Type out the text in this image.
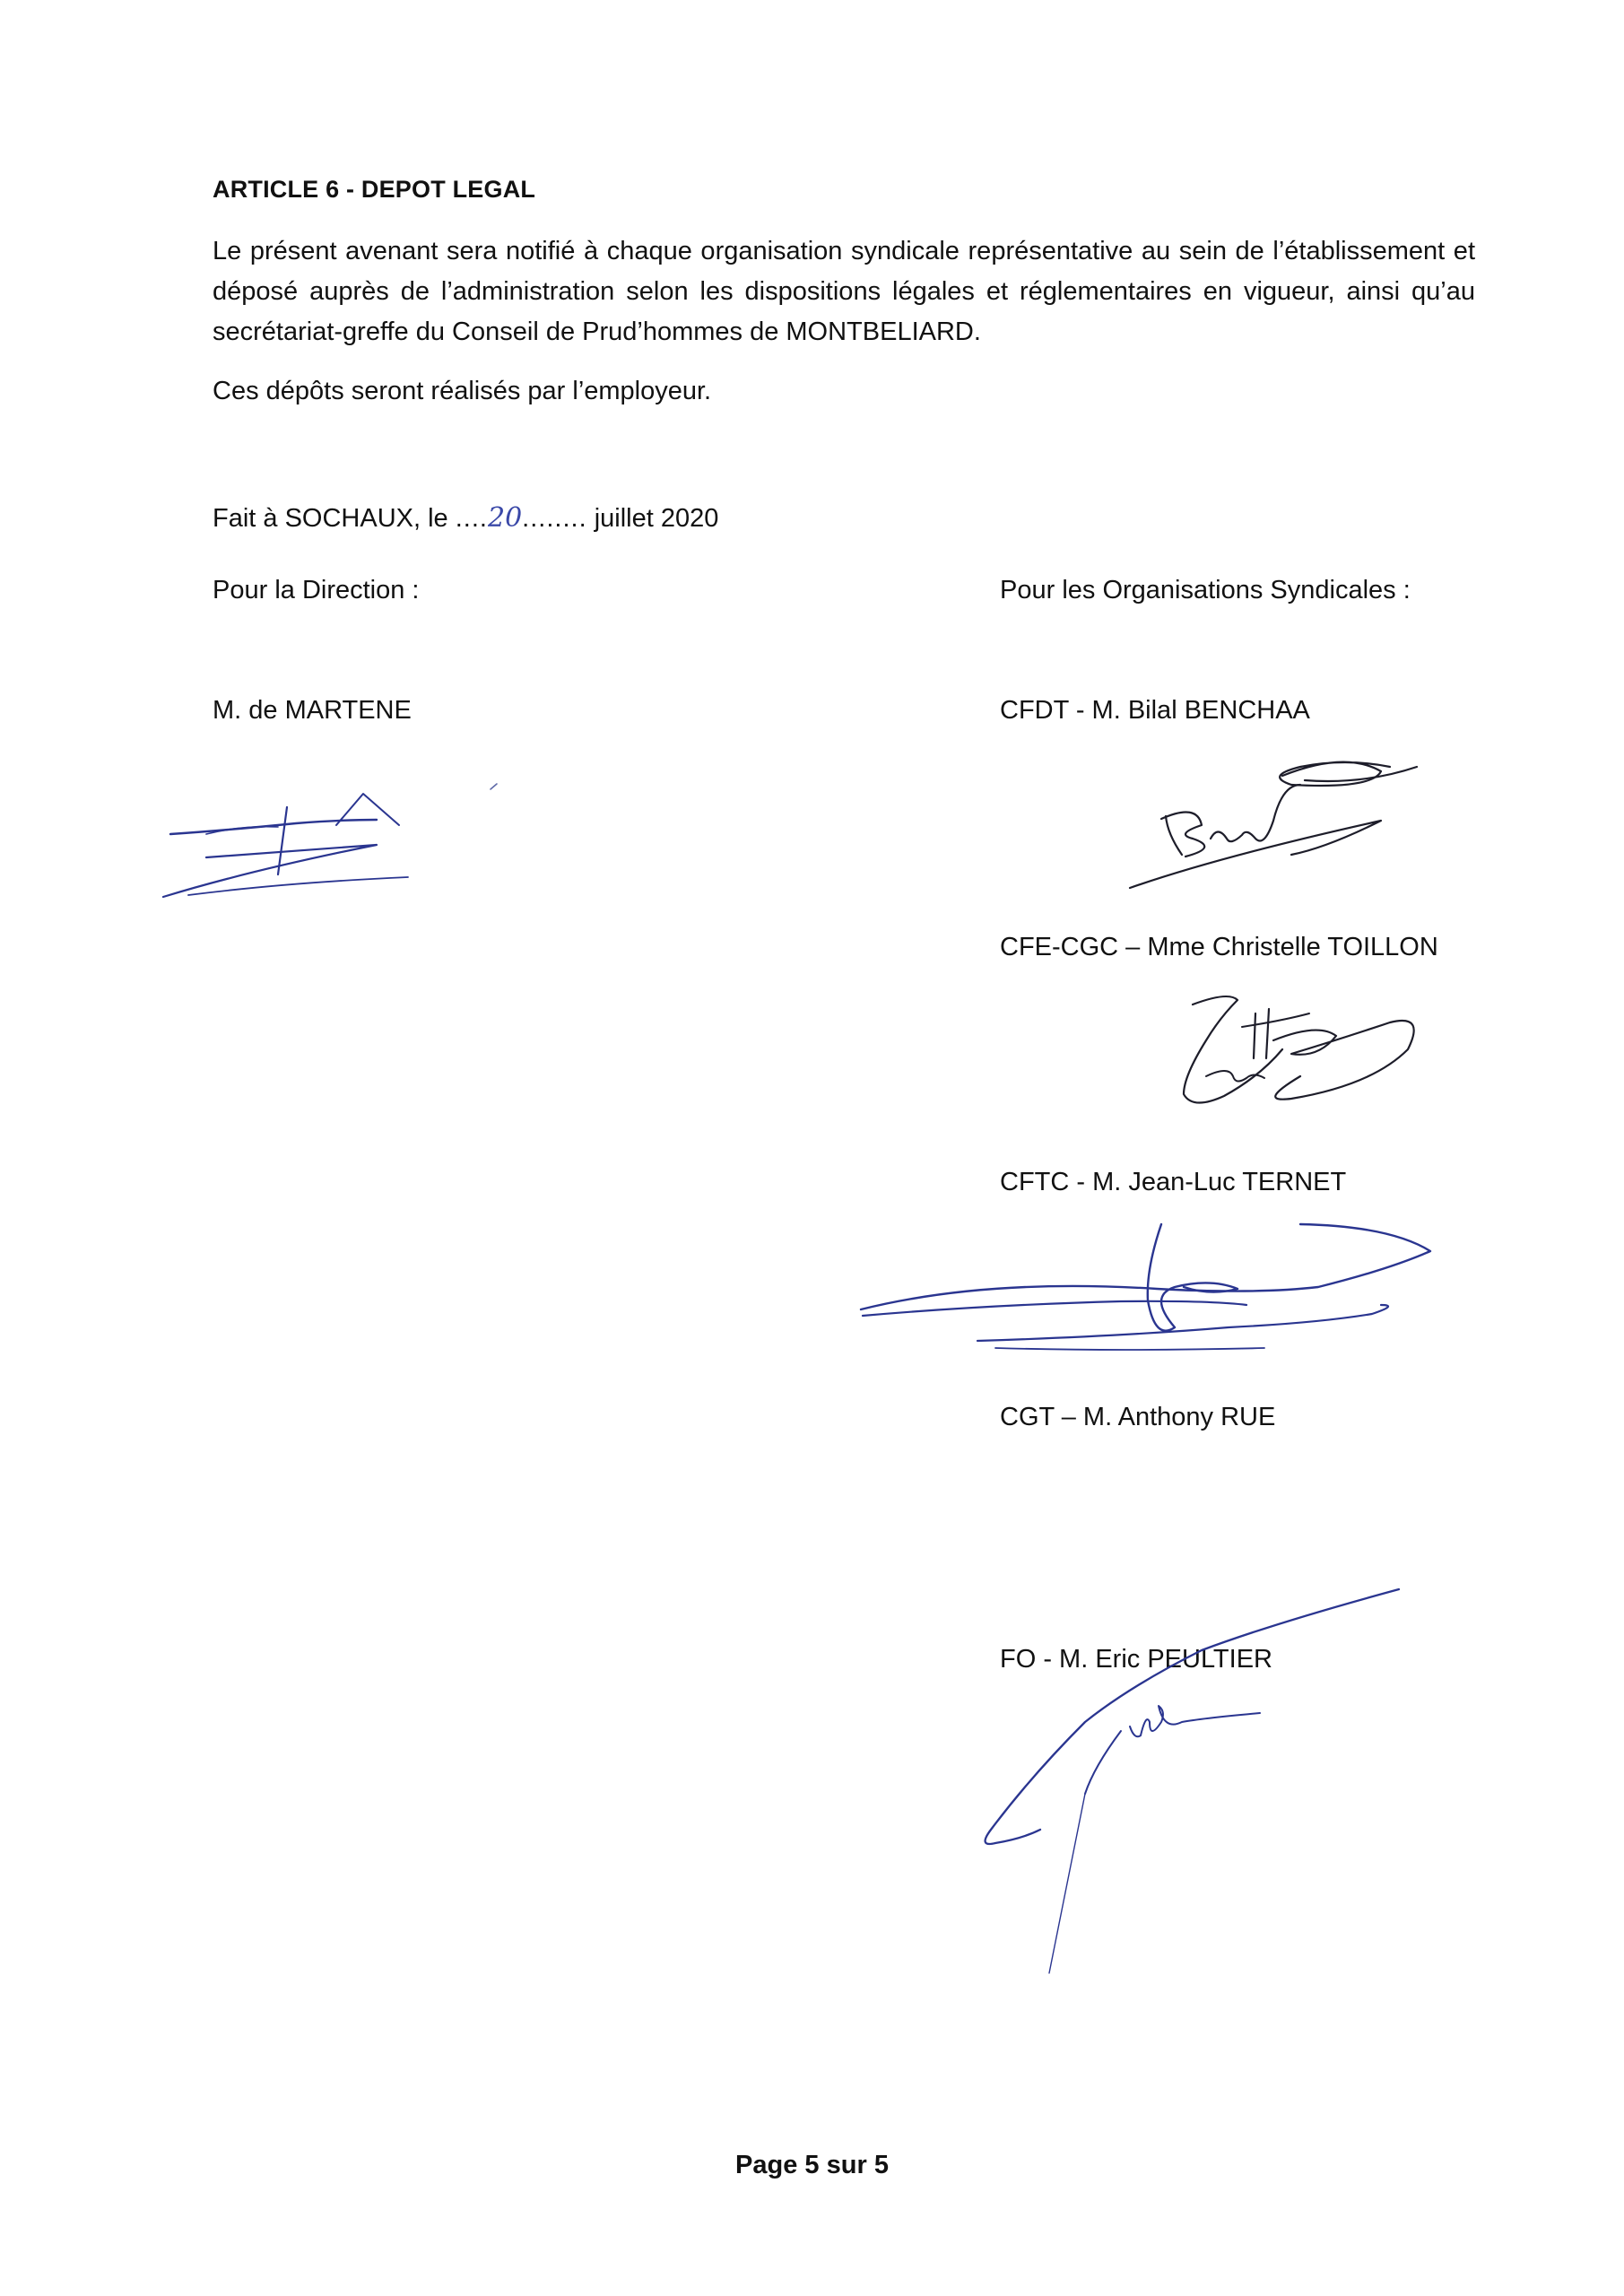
ARTICLE 6 - DEPOT LEGAL

Le présent avenant sera notifié à chaque organisation syndicale représentative au sein de l’établissement et déposé auprès de l’administration selon les dispositions légales et réglementaires en vigueur, ainsi qu’au secrétariat-greffe du Conseil de Prud’hommes de MONTBELIARD.

Ces dépôts seront réalisés par l’employeur.

Fait à SOCHAUX, le ....20........ juillet 2020
Pour la Direction :
M. de MARTENE
Pour les Organisations Syndicales :
CFDT - M. Bilal BENCHAA
CFE-CGC – Mme Christelle TOILLON
CFTC - M. Jean-Luc TERNET
CGT – M. Anthony RUE
FO - M. Eric PEULTIER
Page 5 sur 5
